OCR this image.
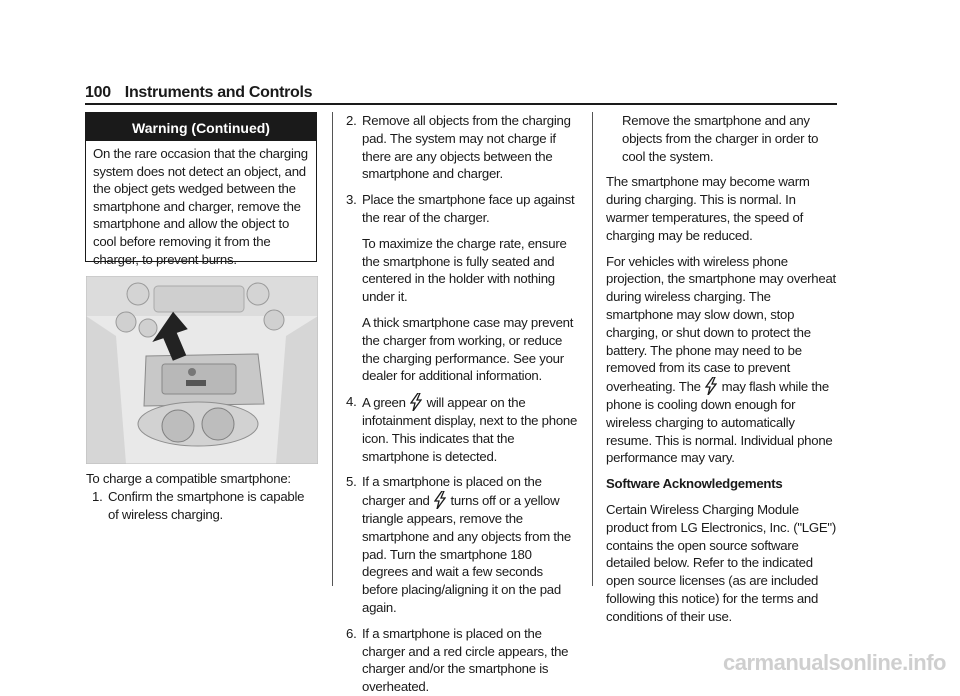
100 Instruments and Controls
Warning (Continued)
On the rare occasion that the charging system does not detect an object, and the object gets wedged between the smartphone and charger, remove the smartphone and allow the object to cool before removing it from the charger, to prevent burns.

To charge a compatible smartphone:

1. Confirm the smartphone is capable of wireless charging.
2. Remove all objects from the charging pad. The system may not charge if there are any objects between the smartphone and charger.
3. Place the smartphone face up against the rear of the charger.

To maximize the charge rate, ensure the smartphone is fully seated and centered in the holder with nothing under it.

A thick smartphone case may prevent the charger from working, or reduce the charging performance. See your dealer for additional information.

4. A green will appear on the infotainment display, next to the phone icon. This indicates that the smartphone is detected.
5. If a smartphone is placed on the charger and turns off or a yellow triangle appears, remove the smartphone and any objects from the pad. Turn the smartphone 180 degrees and wait a few seconds before placing/aligning it on the pad again.
6. If a smartphone is placed on the charger and a red circle appears, the charger and/or the smartphone is overheated.

Remove the smartphone and any objects from the charger in order to cool the system.

The smartphone may become warm during charging. This is normal. In warmer temperatures, the speed of charging may be reduced.

For vehicles with wireless phone projection, the smartphone may overheat during wireless charging. The smartphone may slow down, stop charging, or shut down to protect the battery. The phone may need to be removed from its case to prevent overheating. The may flash while the phone is cooling down enough for wireless charging to automatically resume. This is normal. Individual phone performance may vary.

Software Acknowledgements

Certain Wireless Charging Module product from LG Electronics, Inc. ("LGE") contains the open source software detailed below. Refer to the indicated open source licenses (as are included following this notice) for the terms and conditions of their use.

carmanualsonline.info
